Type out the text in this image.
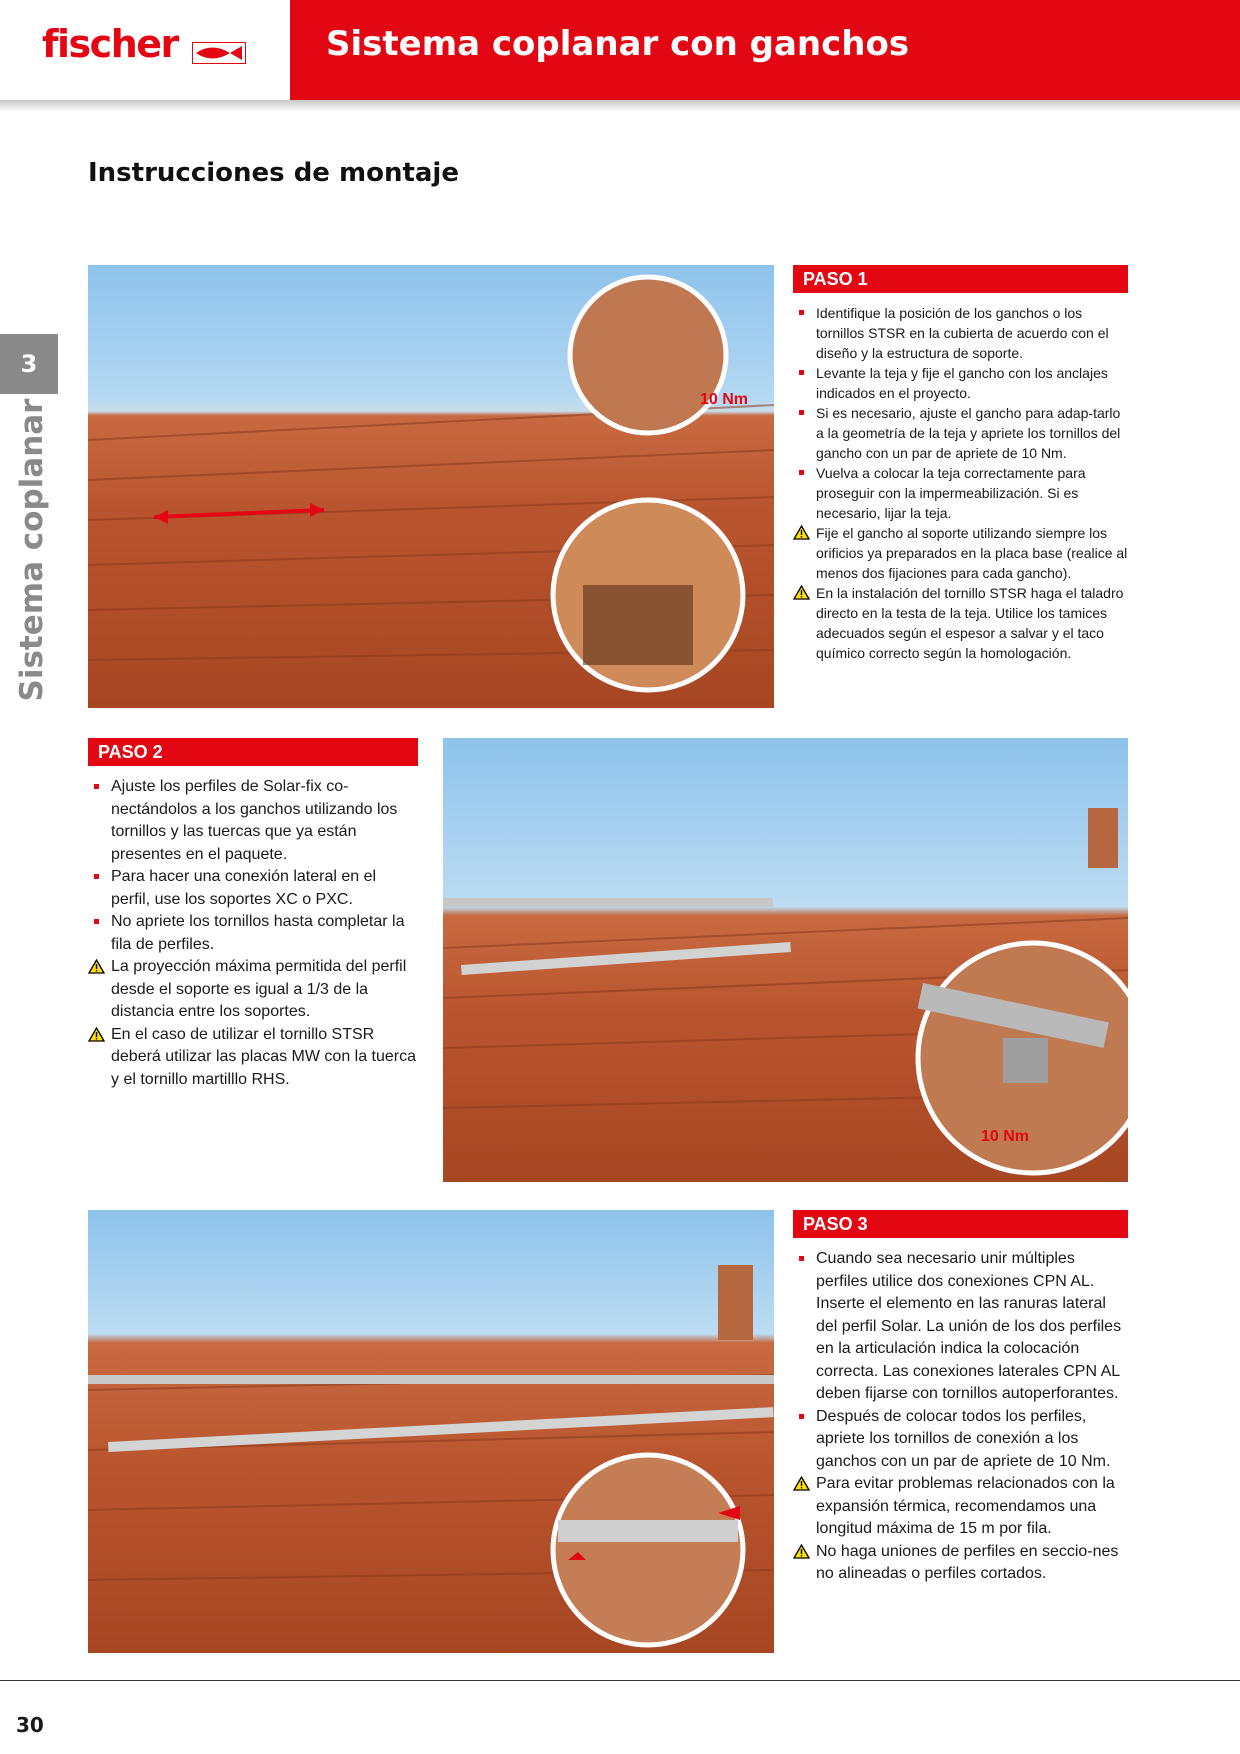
fischer	Sistema coplanar con ganchos
Instrucciones de montaje
3
Sistema coplanar	10 Nm
PASO 1
Identifique la posición de los ganchos o los tornillos STSR en la cubierta de acuerdo con el diseño y la estructura de soporte.
Levante la teja y fije el gancho con los anclajes indicados en el proyecto.
Si es necesario, ajuste el gancho para adap-tarlo a la geometría de la teja y apriete los tornillos del gancho con un par de apriete de 10 Nm.
Vuelva a colocar la teja correctamente para proseguir con la impermeabilización. Si es necesario, lijar la teja.
Fije el gancho al soporte utilizando siempre los orificios ya preparados en la placa base (realice al menos dos fijaciones para cada gancho).
En la instalación del tornillo STSR haga el taladro directo en la testa de la teja. Utilice los tamices adecuados según el espesor a salvar y el taco químico correcto según la homologación.
PASO 2
Ajuste los perfiles de Solar-fix co-nectándolos a los ganchos utilizando los tornillos y las tuercas que ya están presentes en el paquete.
Para hacer una conexión lateral en el perfil, use los soportes XC o PXC.
No apriete los tornillos hasta completar la fila de perfiles.
La proyección máxima permitida del perfil desde el soporte es igual a 1/3 de la distancia entre los soportes.
En el caso de utilizar el tornillo STSR deberá utilizar las placas MW con la tuerca y el tornillo martilllo RHS.
10 Nm
PASO 3
Cuando sea necesario unir múltiples perfiles utilice dos conexiones CPN AL. Inserte el elemento en las ranuras lateral del perfil Solar. La unión de los dos perfiles en la articulación indica la colocación correcta. Las conexiones laterales CPN AL deben fijarse con tornillos autoperforantes.
Después de colocar todos los perfiles, apriete los tornillos de conexión a los ganchos con un par de apriete de 10 Nm.
Para evitar problemas relacionados con la expansión térmica, recomendamos una longitud máxima de 15 m por fila.
No haga uniones de perfiles en seccio-nes no alineadas o perfiles cortados.
30
